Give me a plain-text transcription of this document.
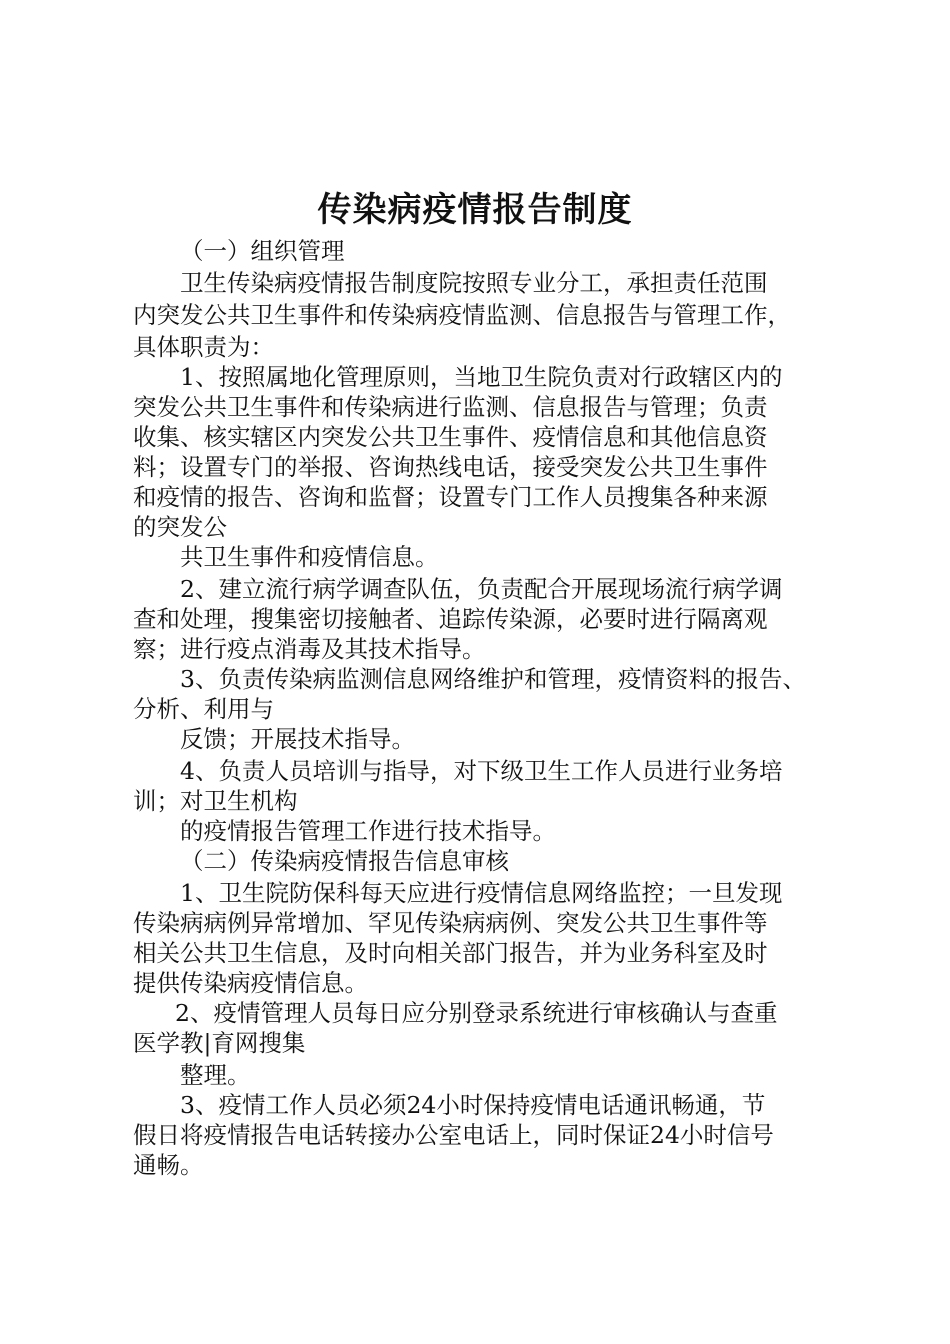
传染病疫情报告制度
（一）组织管理
卫生传染病疫情报告制度院按照专业分工，承担责任范围
内突发公共卫生事件和传染病疫情监测、信息报告与管理工作，
具体职责为：
1、按照属地化管理原则，当地卫生院负责对行政辖区内的
突发公共卫生事件和传染病进行监测、信息报告与管理；负责
收集、核实辖区内突发公共卫生事件、疫情信息和其他信息资
料；设置专门的举报、咨询热线电话，接受突发公共卫生事件
和疫情的报告、咨询和监督；设置专门工作人员搜集各种来源
的突发公
共卫生事件和疫情信息。
2、建立流行病学调查队伍，负责配合开展现场流行病学调
查和处理，搜集密切接触者、追踪传染源，必要时进行隔离观
察；进行疫点消毒及其技术指导。
3、负责传染病监测信息网络维护和管理，疫情资料的报告、
分析、利用与
反馈；开展技术指导。
4、负责人员培训与指导，对下级卫生工作人员进行业务培
训；对卫生机构
的疫情报告管理工作进行技术指导。
（二）传染病疫情报告信息审核
1、卫生院防保科每天应进行疫情信息网络监控；一旦发现
传染病病例异常增加、罕见传染病病例、突发公共卫生事件等
相关公共卫生信息，及时向相关部门报告，并为业务科室及时
提供传染病疫情信息。
2、疫情管理人员每日应分别登录系统进行审核确认与查重
医学教|育网搜集
整理。
3、疫情工作人员必须24小时保持疫情电话通讯畅通，节
假日将疫情报告电话转接办公室电话上，同时保证24小时信号
通畅。
